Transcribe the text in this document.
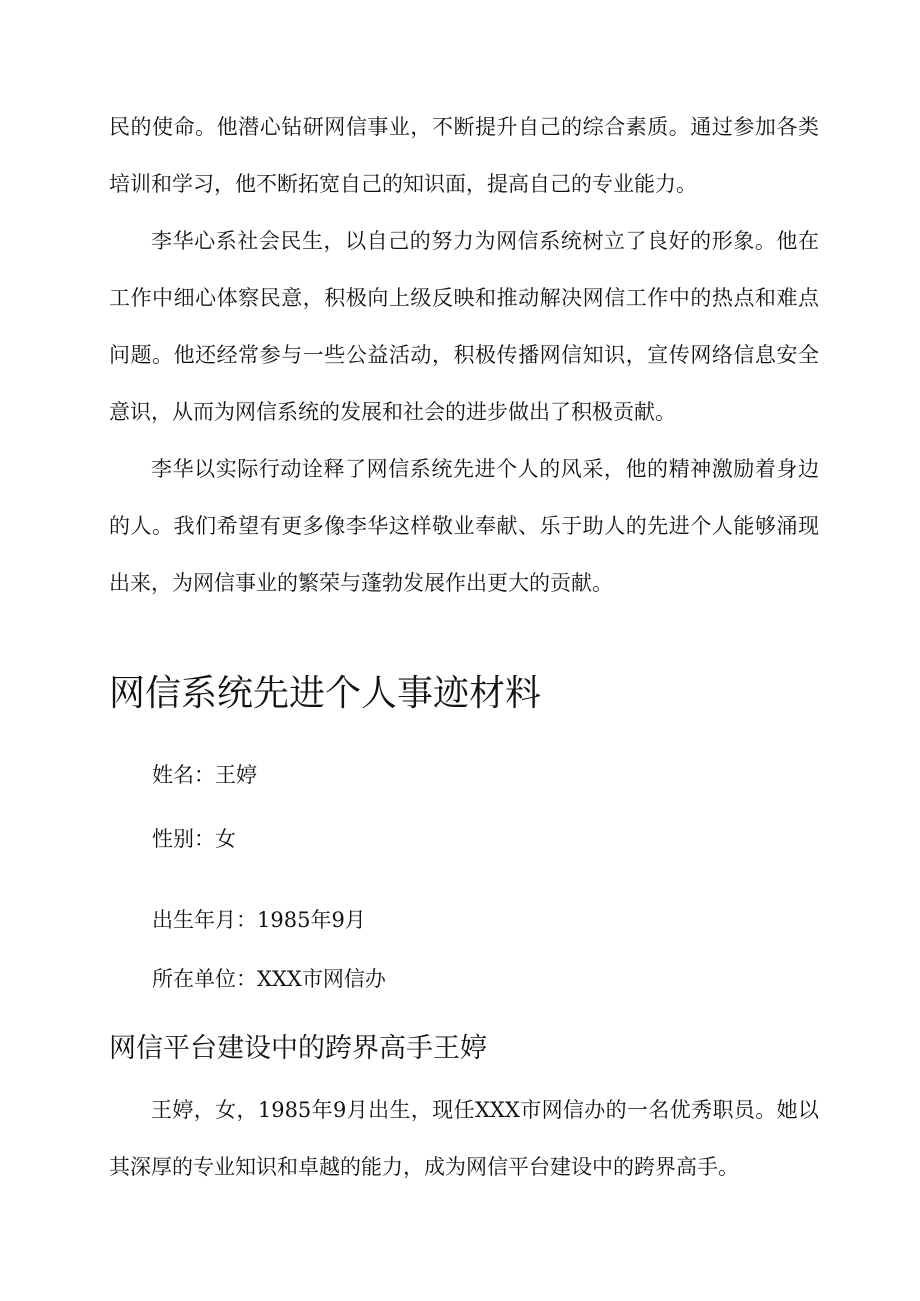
民的使命。他潜心钻研网信事业，不断提升自己的综合素质。通过参加各类培训和学习，他不断拓宽自己的知识面，提高自己的专业能力。

李华心系社会民生，以自己的努力为网信系统树立了良好的形象。他在工作中细心体察民意，积极向上级反映和推动解决网信工作中的热点和难点问题。他还经常参与一些公益活动，积极传播网信知识，宣传网络信息安全意识，从而为网信系统的发展和社会的进步做出了积极贡献。

李华以实际行动诠释了网信系统先进个人的风采，他的精神激励着身边的人。我们希望有更多像李华这样敬业奉献、乐于助人的先进个人能够涌现出来，为网信事业的繁荣与蓬勃发展作出更大的贡献。

网信系统先进个人事迹材料

姓名：王婷

性别：女

出生年月：1985年9月

所在单位：XXX市网信办

网信平台建设中的跨界高手王婷

王婷，女，1985年9月出生，现任XXX市网信办的一名优秀职员。她以其深厚的专业知识和卓越的能力，成为网信平台建设中的跨界高手。
